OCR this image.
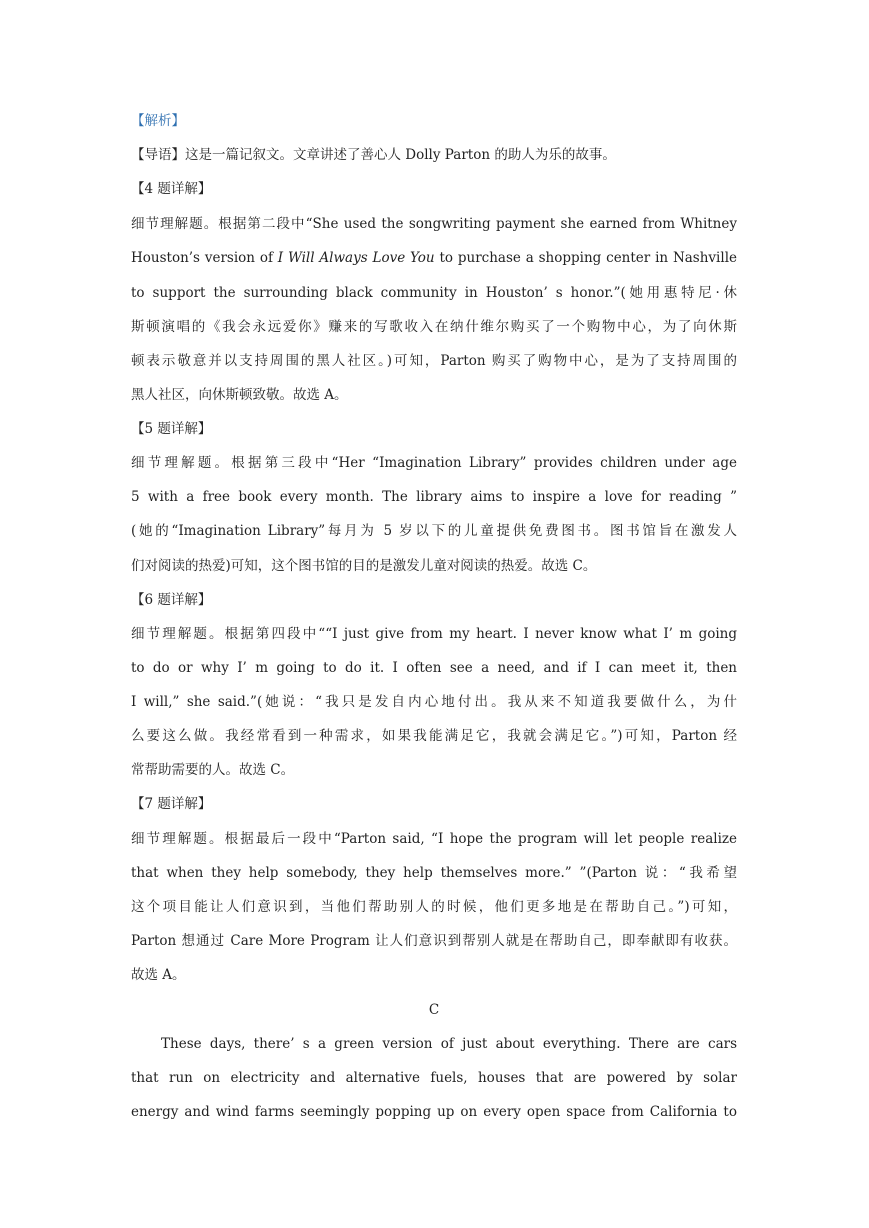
【解析】
【导语】这是一篇记叙文。文章讲述了善心人 Dolly Parton 的助人为乐的故事。
【4 题详解】
细节理解题。根据第二段中“She used the songwriting payment she earned from Whitney
Houston’s version of I Will Always Love You to purchase a shopping center in Nashville
to support the surrounding black community in Houston’ s honor.”(她用惠特尼·休
斯顿演唱的《我会永远爱你》赚来的写歌收入在纳什维尔购买了一个购物中心，为了向休斯
顿表示敬意并以支持周围的黑人社区。)可知，Parton 购买了购物中心，是为了支持周围的
黑人社区，向休斯顿致敬。故选 A。
【5 题详解】
细节理解题。根据第三段中“Her “Imagination Library” provides children under age
5 with a free book every month. The library aims to inspire a love for reading ”
(她的“Imagination Library”每月为 5 岁以下的儿童提供免费图书。图书馆旨在激发人
们对阅读的热爱)可知，这个图书馆的目的是激发儿童对阅读的热爱。故选 C。
【6 题详解】
细节理解题。根据第四段中““I just give from my heart. I never know what I’ m going
to do or why I’ m going to do it. I often see a need, and if I can meet it, then
I will,” she said.”(她说：“我只是发自内心地付出。我从来不知道我要做什么，为什
么要这么做。我经常看到一种需求，如果我能满足它，我就会满足它。”)可知，Parton 经
常帮助需要的人。故选 C。
【7 题详解】
细节理解题。根据最后一段中“Parton said, “I hope the program will let people realize
that when they help somebody, they help themselves more.” ”(Parton 说：“我希望
这个项目能让人们意识到，当他们帮助别人的时候，他们更多地是在帮助自己。”)可知，
Parton 想通过 Care More Program 让人们意识到帮别人就是在帮助自己，即奉献即有收获。
故选 A。
C
These days, there’ s a green version of just about everything. There are cars
that run on electricity and alternative fuels, houses that are powered by solar
energy and wind farms seemingly popping up on every open space from California to
